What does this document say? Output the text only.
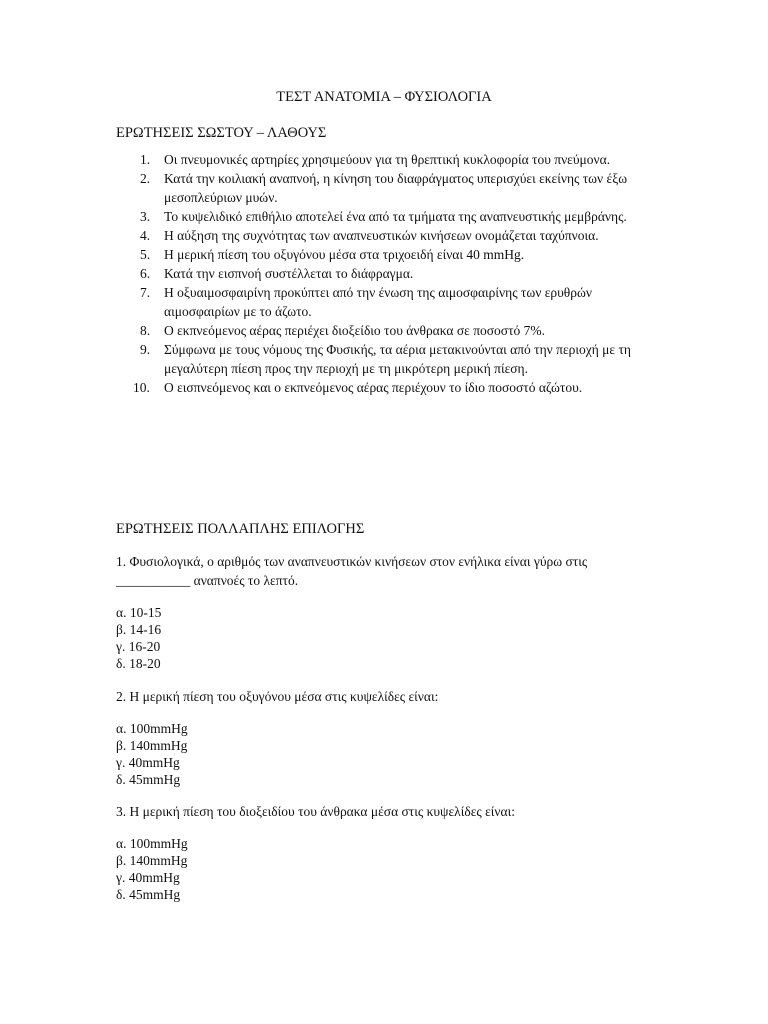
ΤΕΣΤ ΑΝΑΤΟΜΙΑ – ΦΥΣΙΟΛΟΓΙΑ
ΕΡΩΤΗΣΕΙΣ ΣΩΣΤΟΥ – ΛΑΘΟΥΣ
1. Οι πνευμονικές αρτηρίες χρησιμεύουν για τη θρεπτική κυκλοφορία του πνεύμονα.
2. Κατά την κοιλιακή αναπνοή, η κίνηση του διαφράγματος υπερισχύει εκείνης των έξω μεσοπλεύριων μυών.
3. Το κυψελιδικό επιθήλιο αποτελεί ένα από τα τμήματα της αναπνευστικής μεμβράνης.
4. Η αύξηση της συχνότητας των αναπνευστικών κινήσεων ονομάζεται ταχύπνοια.
5. Η μερική πίεση του οξυγόνου μέσα στα τριχοειδή είναι 40 mmHg.
6. Κατά την εισπνοή συστέλλεται το διάφραγμα.
7. Η οξυαιμοσφαιρίνη προκύπτει από την ένωση της αιμοσφαιρίνης των ερυθρών αιμοσφαιρίων με το άζωτο.
8. Ο εκπνεόμενος αέρας περιέχει διοξείδιο του άνθρακα σε ποσοστό 7%.
9. Σύμφωνα με τους νόμους της Φυσικής, τα αέρια μετακινούνται από την περιοχή με τη μεγαλύτερη πίεση προς την περιοχή με τη μικρότερη μερική πίεση.
10. Ο εισπνεόμενος και ο εκπνεόμενος αέρας περιέχουν το ίδιο ποσοστό αζώτου.
ΕΡΩΤΗΣΕΙΣ ΠΟΛΛΑΠΛΗΣ ΕΠΙΛΟΓΗΣ

1. Φυσιολογικά, ο αριθμός των αναπνευστικών κινήσεων στον ενήλικα είναι γύρω στις ___________ αναπνοές το λεπτό.

α. 10-15
β. 14-16
γ. 16-20
δ. 18-20

2. Η μερική πίεση του οξυγόνου μέσα στις κυψελίδες είναι:

α. 100mmHg
β. 140mmHg
γ. 40mmHg
δ. 45mmHg

3. Η μερική πίεση του διοξειδίου του άνθρακα μέσα στις κυψελίδες είναι:

α. 100mmHg
β. 140mmHg
γ. 40mmHg
δ. 45mmHg
